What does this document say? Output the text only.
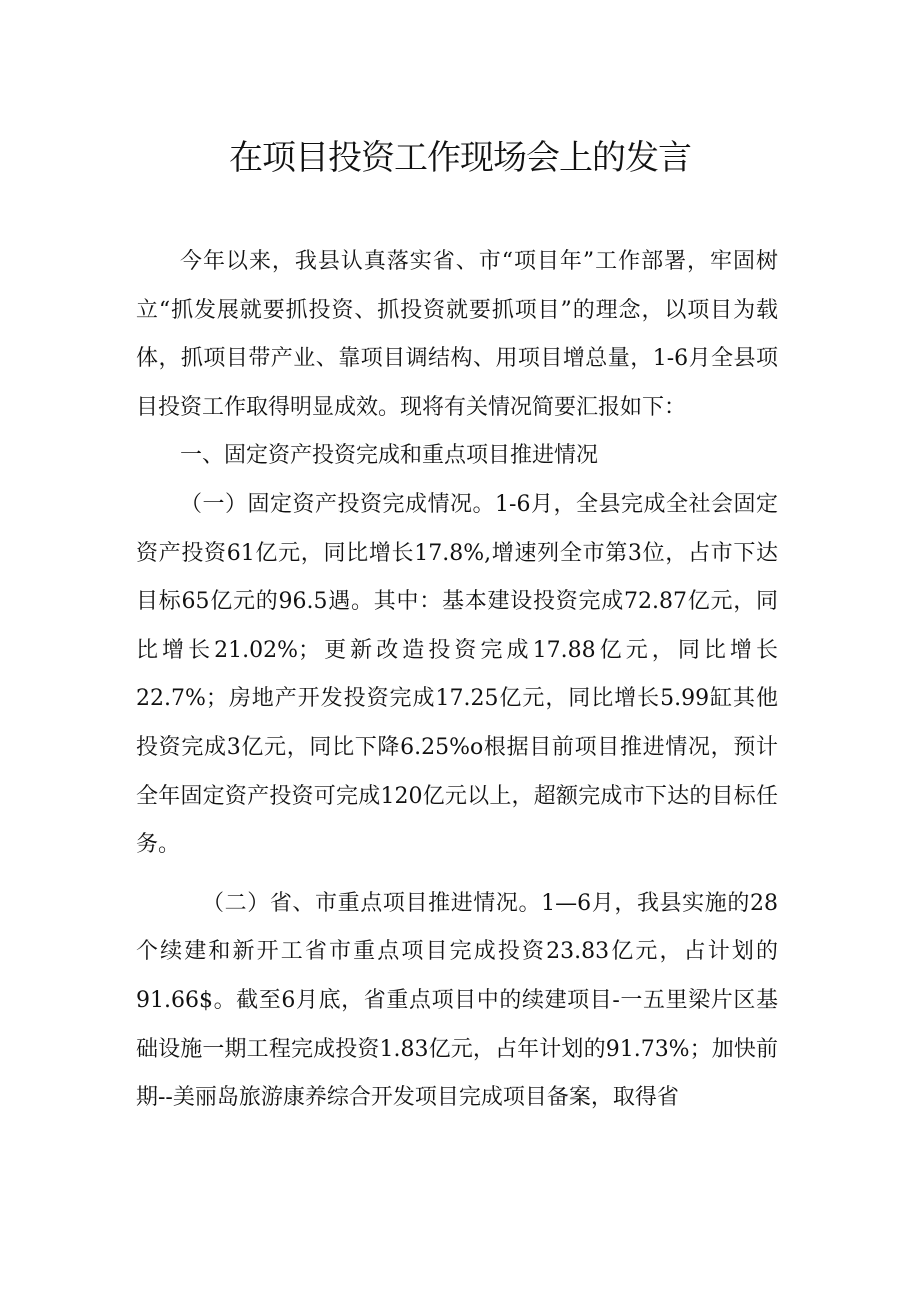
在项目投资工作现场会上的发言

今年以来，我县认真落实省、市“项目年”工作部署，牢固树立“抓发展就要抓投资、抓投资就要抓项目”的理念，以项目为载体，抓项目带产业、靠项目调结构、用项目增总量，1-6月全县项目投资工作取得明显成效。现将有关情况简要汇报如下：

一、固定资产投资完成和重点项目推进情况

（一）固定资产投资完成情况。1-6月，全县完成全社会固定资产投资61亿元，同比增长17.8%,增速列全市第3位，占市下达目标65亿元的96.5遇。其中：基本建设投资完成72.87亿元，同比增长21.02%；更新改造投资完成17.88亿元，同比增长22.7%；房地产开发投资完成17.25亿元，同比增长5.99缸其他投资完成3亿元，同比下降6.25%o根据目前项目推进情况，预计全年固定资产投资可完成120亿元以上，超额完成市下达的目标任务。

（二）省、市重点项目推进情况。1—6月，我县实施的28个续建和新开工省市重点项目完成投资23.83亿元，占计划的91.66$。截至6月底，省重点项目中的续建项目-一五里梁片区基础设施一期工程完成投资1.83亿元，占年计划的91.73%；加快前期--美丽岛旅游康养综合开发项目完成项目备案，取得省
